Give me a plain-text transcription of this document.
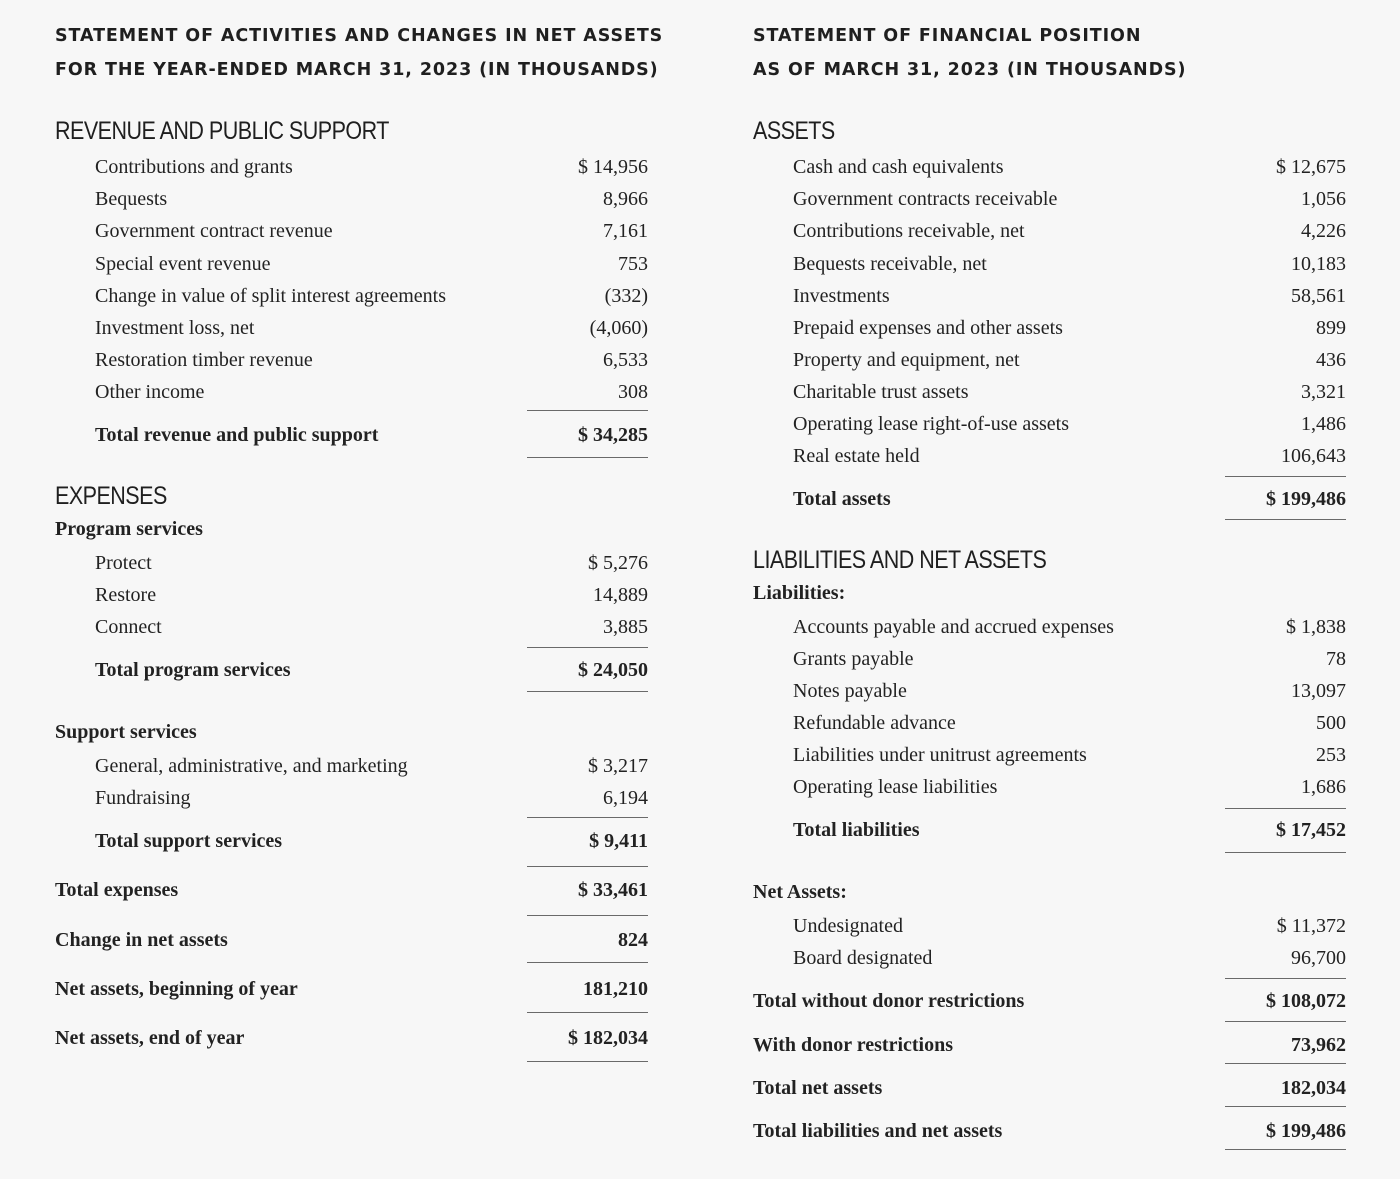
STATEMENT OF ACTIVITIES AND CHANGES IN NET ASSETS
FOR THE YEAR-ENDED MARCH 31, 2023 (IN THOUSANDS)
REVENUE AND PUBLIC SUPPORT
Contributions and grants	$ 14,956
Bequests	8,966
Government contract revenue	7,161
Special event revenue	753
Change in value of split interest agreements	(332)
Investment loss, net	(4,060)
Restoration timber revenue	6,533
Other income	308
Total revenue and public support	$ 34,285
EXPENSES
Program services
Protect	$ 5,276
Restore	14,889
Connect	3,885
Total program services	$ 24,050
Support services
General, administrative, and marketing	$ 3,217
Fundraising	6,194
Total support services	$ 9,411
Total expenses	$ 33,461
Change in net assets	824
Net assets, beginning of year	181,210
Net assets, end of year	$ 182,034
STATEMENT OF FINANCIAL POSITION
AS OF MARCH 31, 2023 (IN THOUSANDS)
ASSETS
Cash and cash equivalents	$ 12,675
Government contracts receivable	1,056
Contributions receivable, net	4,226
Bequests receivable, net	10,183
Investments	58,561
Prepaid expenses and other assets	899
Property and equipment, net	436
Charitable trust assets	3,321
Operating lease right-of-use assets	1,486
Real estate held	106,643
Total assets	$ 199,486
LIABILITIES AND NET ASSETS
Liabilities:
Accounts payable and accrued expenses	$ 1,838
Grants payable	78
Notes payable	13,097
Refundable advance	500
Liabilities under unitrust agreements	253
Operating lease liabilities	1,686
Total liabilities	$ 17,452
Net Assets:
Undesignated	$ 11,372
Board designated	96,700
Total without donor restrictions	$ 108,072
With donor restrictions	73,962
Total net assets	182,034
Total liabilities and net assets	$ 199,486
